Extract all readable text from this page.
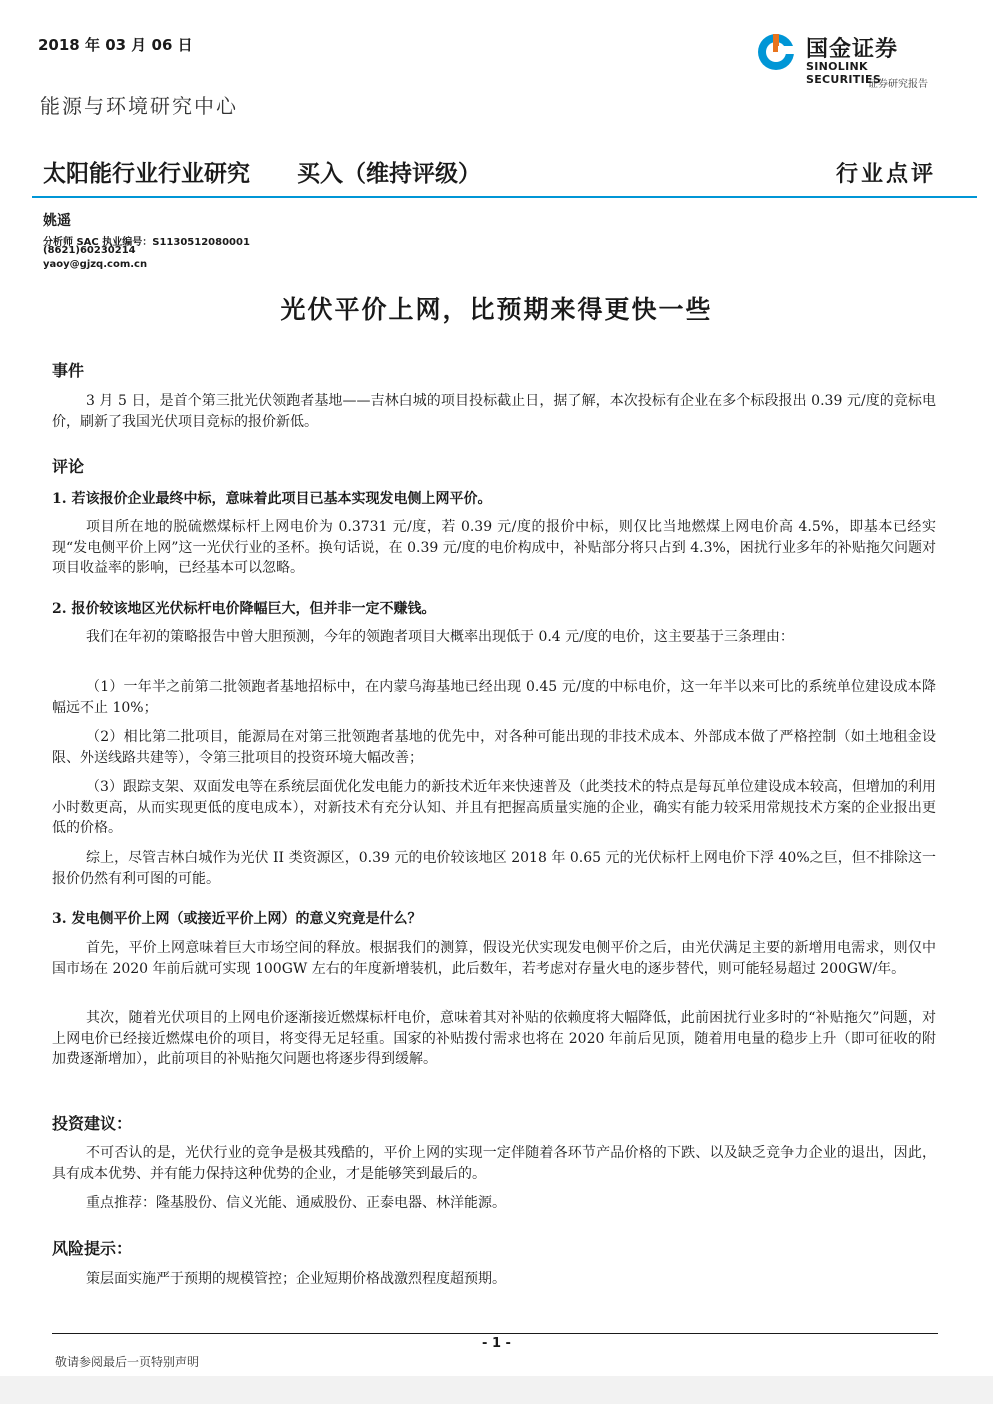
2018 年 03 月 06 日	国金证券
SINOLINK SECURITIES
证券研究报告
能源与环境研究中心
太阳能行业行业研究 买入（维持评级）	行业点评
姚遥
分析师 SAC 执业编号：S1130512080001
(8621)60230214
yaoy@gjzq.com.cn
光伏平价上网，比预期来得更快一些
事件
3 月 5 日，是首个第三批光伏领跑者基地——吉林白城的项目投标截止日，据了解，本次投标有企业在多个标段报出 0.39 元/度的竞标电价，刷新了我国光伏项目竞标的报价新低。
评论
1. 若该报价企业最终中标，意味着此项目已基本实现发电侧上网平价。
项目所在地的脱硫燃煤标杆上网电价为 0.3731 元/度，若 0.39 元/度的报价中标，则仅比当地燃煤上网电价高 4.5%，即基本已经实现“发电侧平价上网”这一光伏行业的圣杯。换句话说，在 0.39 元/度的电价构成中，补贴部分将只占到 4.3%，困扰行业多年的补贴拖欠问题对项目收益率的影响，已经基本可以忽略。
2. 报价较该地区光伏标杆电价降幅巨大，但并非一定不赚钱。
我们在年初的策略报告中曾大胆预测，今年的领跑者项目大概率出现低于 0.4 元/度的电价，这主要基于三条理由：
（1）一年半之前第二批领跑者基地招标中，在内蒙乌海基地已经出现 0.45 元/度的中标电价，这一年半以来可比的系统单位建设成本降幅远不止 10%；
（2）相比第二批项目，能源局在对第三批领跑者基地的优先中，对各种可能出现的非技术成本、外部成本做了严格控制（如土地租金设限、外送线路共建等），令第三批项目的投资环境大幅改善；
（3）跟踪支架、双面发电等在系统层面优化发电能力的新技术近年来快速普及（此类技术的特点是每瓦单位建设成本较高，但增加的利用小时数更高，从而实现更低的度电成本），对新技术有充分认知、并且有把握高质量实施的企业，确实有能力较采用常规技术方案的企业报出更低的价格。
综上，尽管吉林白城作为光伏 II 类资源区，0.39 元的电价较该地区 2018 年 0.65 元的光伏标杆上网电价下浮 40%之巨，但不排除这一报价仍然有利可图的可能。
3. 发电侧平价上网（或接近平价上网）的意义究竟是什么？
首先，平价上网意味着巨大市场空间的释放。根据我们的测算，假设光伏实现发电侧平价之后，由光伏满足主要的新增用电需求，则仅中国市场在 2020 年前后就可实现 100GW 左右的年度新增装机，此后数年，若考虑对存量火电的逐步替代，则可能轻易超过 200GW/年。
其次，随着光伏项目的上网电价逐渐接近燃煤标杆电价，意味着其对补贴的依赖度将大幅降低，此前困扰行业多时的“补贴拖欠”问题，对上网电价已经接近燃煤电价的项目，将变得无足轻重。国家的补贴拨付需求也将在 2020 年前后见顶，随着用电量的稳步上升（即可征收的附加费逐渐增加），此前项目的补贴拖欠问题也将逐步得到缓解。
投资建议：
不可否认的是，光伏行业的竞争是极其残酷的，平价上网的实现一定伴随着各环节产品价格的下跌、以及缺乏竞争力企业的退出，因此，具有成本优势、并有能力保持这种优势的企业，才是能够笑到最后的。
重点推荐：隆基股份、信义光能、通威股份、正泰电器、林洋能源。
风险提示：
策层面实施严于预期的规模管控；企业短期价格战激烈程度超预期。
- 1 -
敬请参阅最后一页特别声明
